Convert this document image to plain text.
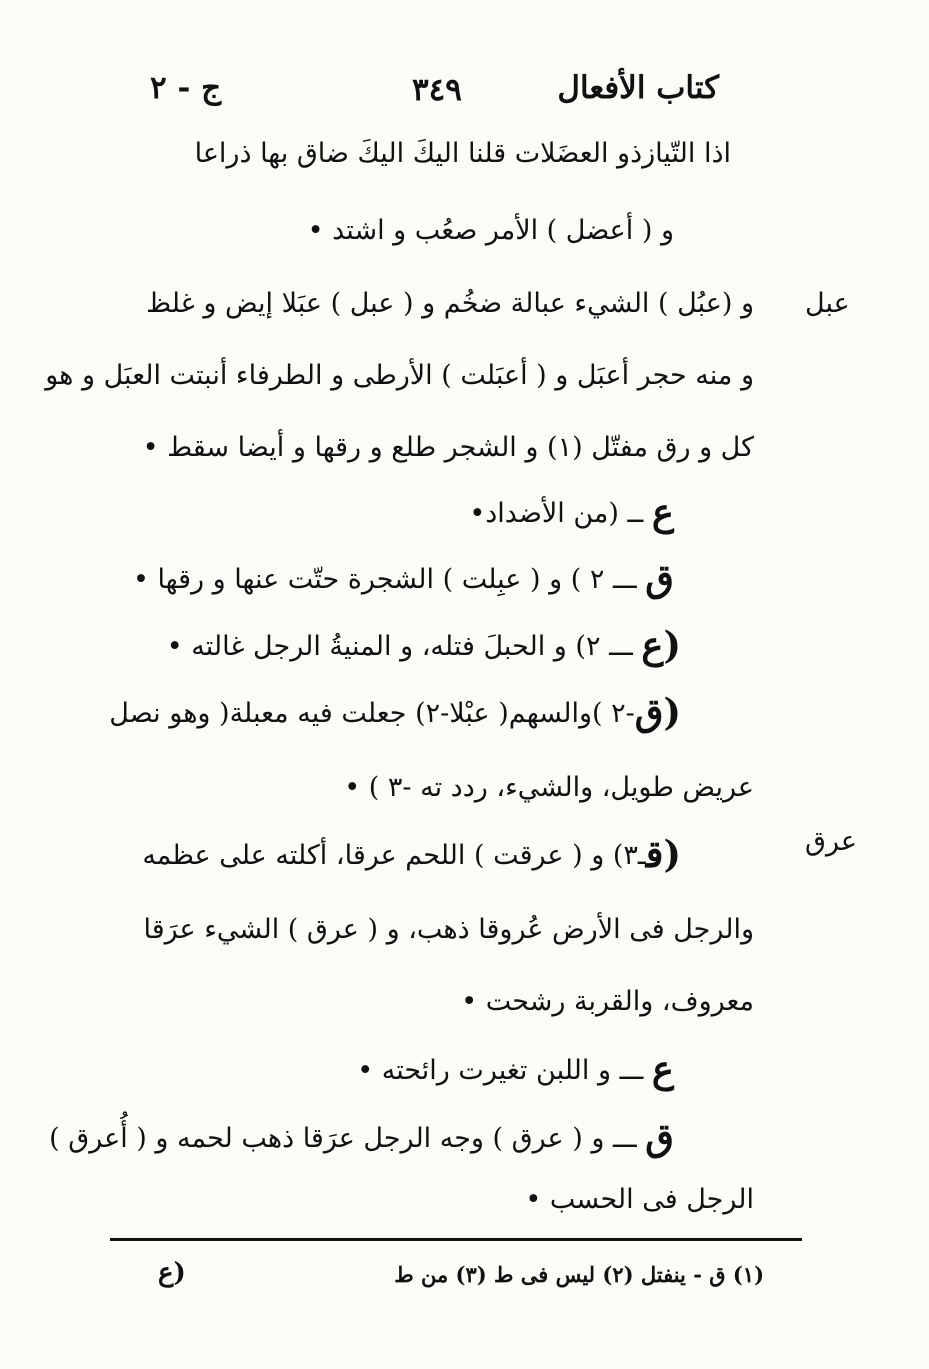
كتاب الأفعال
٣٤٩
ج - ٢
عبل
عرق
اذا التّيازذو العضَلات قلنا اليكَ اليكَ ضاق بها ذراعا
و ( أعضل ) الأمر صعُب و اشتد •
و (عبُل ) الشيء عبالة ضخُم و ( عبل ) عبَلا إيض و غلظ
و منه حجر أعبَل و ( أعبَلت ) الأرطى و الطرفاء أنبتت العبَل و هو
كل و رق مفتّل (١) و الشجر طلع و رقها و أيضا سقط •
ع ــ (من الأضداد•
ق ـــ ٢ ) و ( عبِلت ) الشجرة حتّت عنها و رقها •
(ع ـــ ٢) و الحبلَ فتله، و المنيةُ الرجل غالته •
(ق-٢ )والسهم( عبْلا-٢) جعلت فيه معبلة( وهو نصل
عريض طويل، والشيء، ردد ته -٣ ) •
(قـ٣) و ( عرقت ) اللحم عرقا، أكلته على عظمه
والرجل فى الأرض عُروقا ذهب، و ( عرق ) الشيء عرَقا
معروف، والقربة رشحت •
ع ـــ و اللبن تغيرت رائحته •
ق ـــ و ( عرق ) وجه الرجل عرَقا ذهب لحمه و ( أُعرق )
الرجل فى الحسب •
(١) ق - ينفتل (٢) ليس فى ط (٣) من ط
(ع
